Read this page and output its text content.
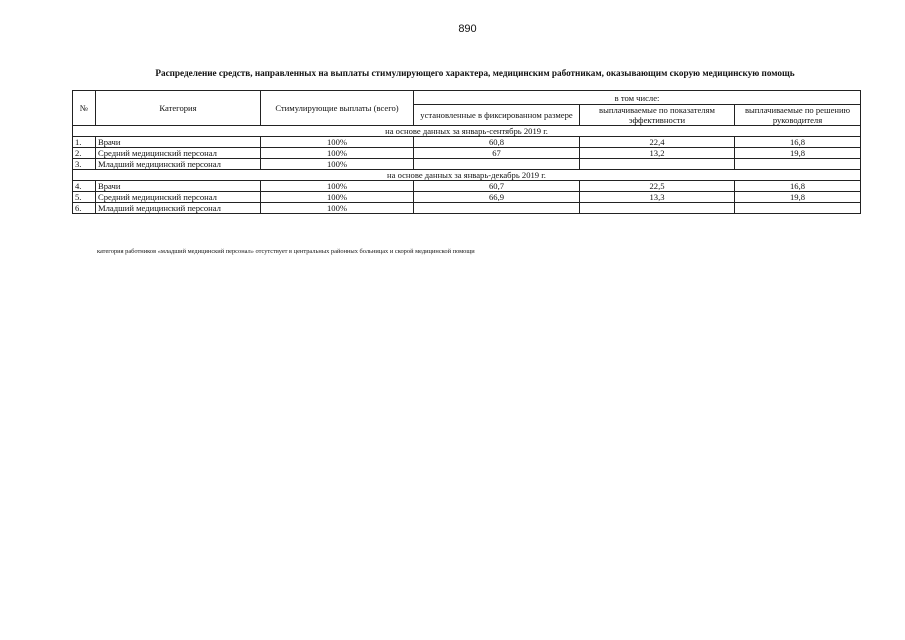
890
Распределение средств, направленных на выплаты стимулирующего характера, медицинским работникам, оказывающим скорую медицинскую помощь
№	Категория	Стимулирующие выплаты (всего)	в том числе:		
			установленные в фиксированном размере	выплачиваемые по показателям эффективности	выплачиваемые по решению руководителя
на основе данных за январь-сентябрь 2019 г.					
1.	Врачи	100%	60,8	22,4	16,8
2.	Средний медицинский персонал	100%	67	13,2	19,8
3.	Младший медицинский персонал	100%			
на основе данных за январь-декабрь 2019 г.					
4.	Врачи	100%	60,7	22,5	16,8
5.	Средний медицинский персонал	100%	66,9	13,3	19,8
6.	Младший медицинский персонал	100%			
категория работников «младший медицинский персонал» отсутствует в центральных районных больницах и скорой медицинской помощи
